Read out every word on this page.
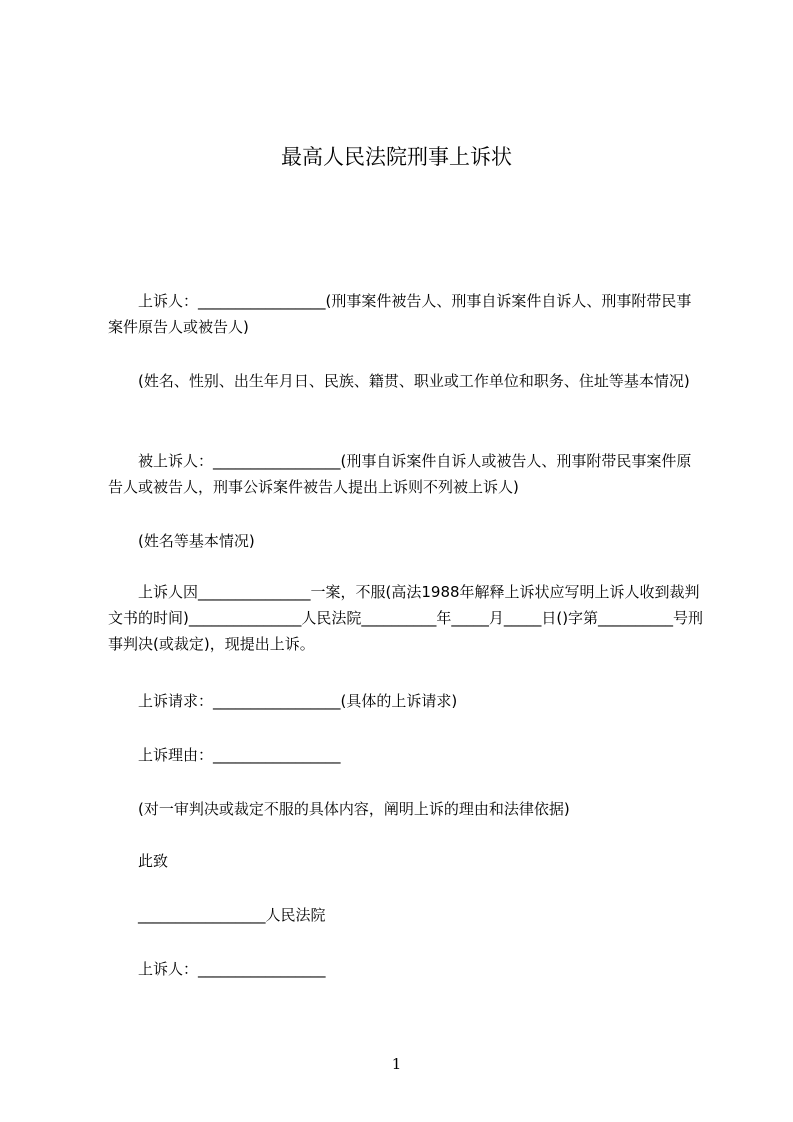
最高人民法院刑事上诉状

上诉人：_________________(刑事案件被告人、刑事自诉案件自诉人、刑事附带民事案件原告人或被告人)

(姓名、性别、出生年月日、民族、籍贯、职业或工作单位和职务、住址等基本情况)

被上诉人：_________________(刑事自诉案件自诉人或被告人、刑事附带民事案件原告人或被告人，刑事公诉案件被告人提出上诉则不列被上诉人)

(姓名等基本情况)

上诉人因_______________一案，不服(高法1988年解释上诉状应写明上诉人收到裁判文书的时间)_______________人民法院__________年_____月_____日()字第__________号刑事判决(或裁定)，现提出上诉。

上诉请求：_________________(具体的上诉请求)

上诉理由：_________________

(对一审判决或裁定不服的具体内容，阐明上诉的理由和法律依据)

此致

_________________人民法院

上诉人：_________________

1
